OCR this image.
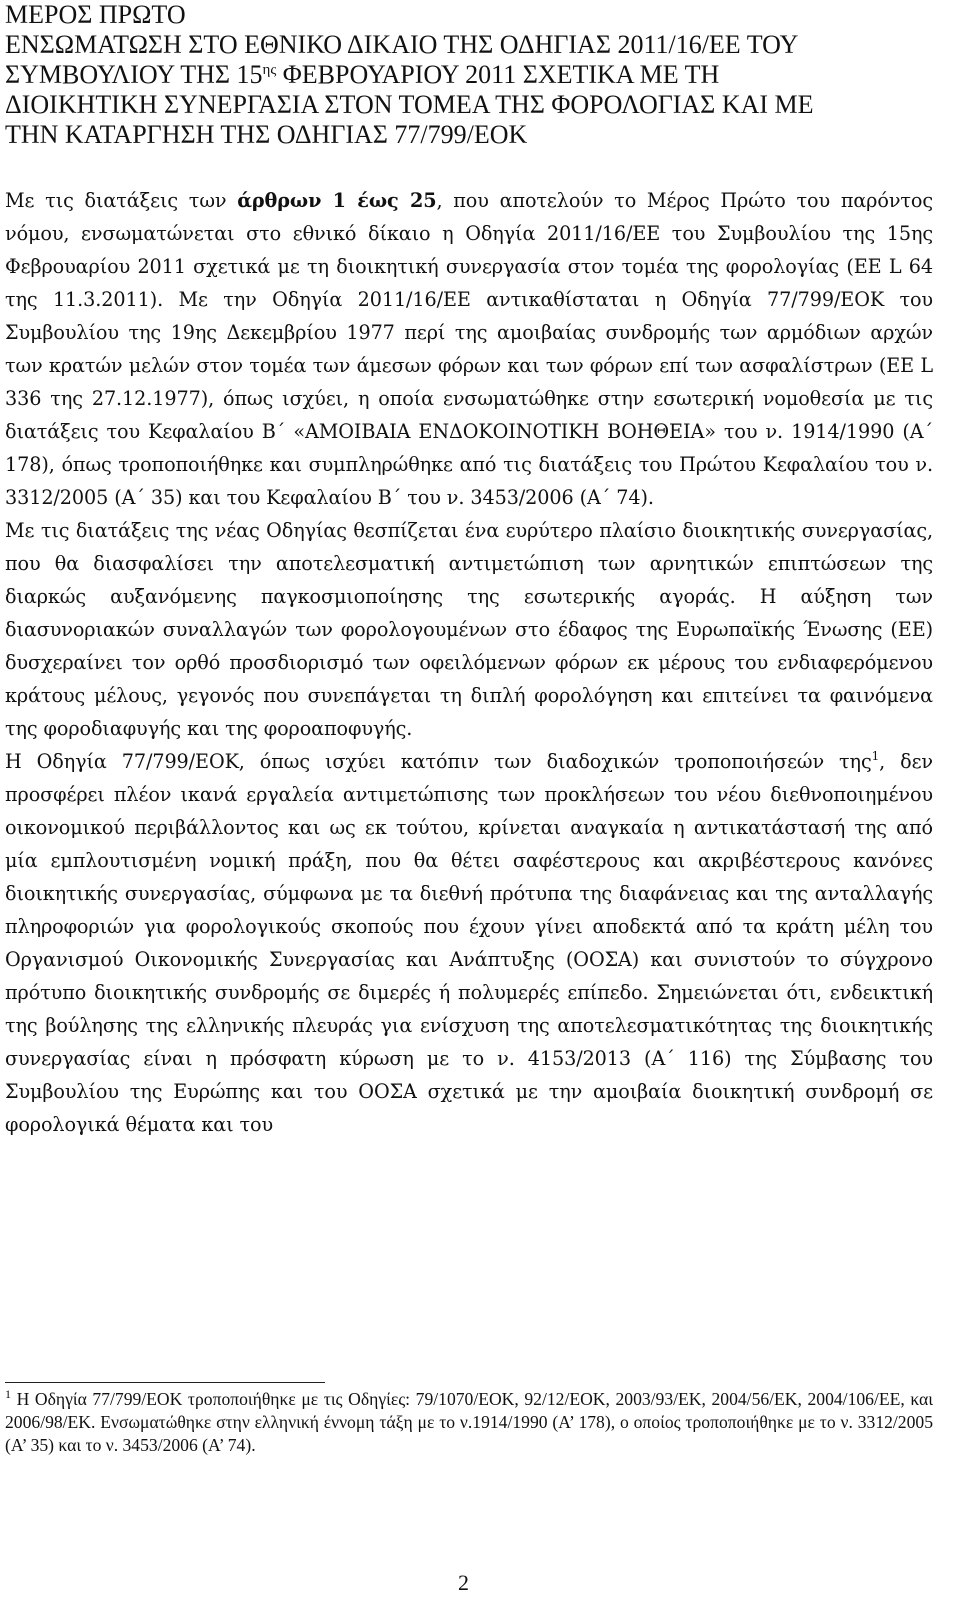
ΜΕΡΟΣ ΠΡΩΤΟ
ΕΝΣΩΜΑΤΩΣΗ ΣΤΟ ΕΘΝΙΚΟ ΔΙΚΑΙΟ ΤΗΣ ΟΔΗΓΙΑΣ 2011/16/ΕΕ ΤΟΥ
ΣΥΜΒΟΥΛΙΟΥ ΤΗΣ $15^{\eta\varsigma}$ ΦΕΒΡΟΥΑΡΙΟΥ 2011 ΣΧΕΤΙΚΑ ΜΕ ΤΗ
ΔΙΟΙΚΗΤΙΚΗ ΣΥΝΕΡΓΑΣΙΑ ΣΤΟΝ ΤΟΜΕΑ ΤΗΣ ΦΟΡΟΛΟΓΙΑΣ ΚΑΙ ΜΕ
ΤΗΝ ΚΑΤΑΡΓΗΣΗ ΤΗΣ ΟΔΗΓΙΑΣ 77/799/ΕΟΚ

Με τις διατάξεις των άρθρων 1 έως 25, που αποτελούν το Μέρος Πρώτο του παρόντος νόμου, ενσωματώνεται στο εθνικό δίκαιο η Οδηγία 2011/16/ΕΕ του Συμβουλίου της 15ης Φεβρουαρίου 2011 σχετικά με τη διοικητική συνεργασία στον τομέα της φορολογίας (ΕΕ L 64 της 11.3.2011). Με την Οδηγία 2011/16/ΕΕ αντικαθίσταται η Οδηγία 77/799/ΕΟΚ του Συμβουλίου της 19ης Δεκεμβρίου 1977 περί της αμοιβαίας συνδρομής των αρμόδιων αρχών των κρατών μελών στον τομέα των άμεσων φόρων και των φόρων επί των ασφαλίστρων (ΕΕ L 336 της 27.12.1977), όπως ισχύει, η οποία ενσωματώθηκε στην εσωτερική νομοθεσία με τις διατάξεις του Κεφαλαίου Β΄ «ΑΜΟΙΒΑΙΑ ΕΝΔΟΚΟΙΝΟΤΙΚΗ ΒΟΗΘΕΙΑ» του ν. 1914/1990 (Α΄ 178), όπως τροποποιήθηκε και συμπληρώθηκε από τις διατάξεις του Πρώτου Κεφαλαίου του ν. 3312/2005 (Α΄ 35) και του Κεφαλαίου Β΄ του ν. 3453/2006 (Α΄ 74).

Με τις διατάξεις της νέας Οδηγίας θεσπίζεται ένα ευρύτερο πλαίσιο διοικητικής συνεργασίας, που θα διασφαλίσει την αποτελεσματική αντιμετώπιση των αρνητικών επιπτώσεων της διαρκώς αυξανόμενης παγκοσμιοποίησης της εσωτερικής αγοράς. Η αύξηση των διασυνοριακών συναλλαγών των φορολογουμένων στο έδαφος της Ευρωπαϊκής Ένωσης (ΕΕ) δυσχεραίνει τον ορθό προσδιορισμό των οφειλόμενων φόρων εκ μέρους του ενδιαφερόμενου κράτους μέλους, γεγονός που συνεπάγεται τη διπλή φορολόγηση και επιτείνει τα φαινόμενα της φοροδιαφυγής και της φοροαποφυγής.

Η Οδηγία 77/799/ΕΟΚ, όπως ισχύει κατόπιν των διαδοχικών τροποποιήσεών της$^1$, δεν προσφέρει πλέον ικανά εργαλεία αντιμετώπισης των προκλήσεων του νέου διεθνοποιημένου οικονομικού περιβάλλοντος και ως εκ τούτου, κρίνεται αναγκαία η αντικατάστασή της από μία εμπλουτισμένη νομική πράξη, που θα θέτει σαφέστερους και ακριβέστερους κανόνες διοικητικής συνεργασίας, σύμφωνα με τα διεθνή πρότυπα της διαφάνειας και της ανταλλαγής πληροφοριών για φορολογικούς σκοπούς που έχουν γίνει αποδεκτά από τα κράτη μέλη του Οργανισμού Οικονομικής Συνεργασίας και Ανάπτυξης (ΟΟΣΑ) και συνιστούν το σύγχρονο πρότυπο διοικητικής συνδρομής σε διμερές ή πολυμερές επίπεδο. Σημειώνεται ότι, ενδεικτική της βούλησης της ελληνικής πλευράς για ενίσχυση της αποτελεσματικότητας της διοικητικής συνεργασίας είναι η πρόσφατη κύρωση με το ν. 4153/2013 (Α΄ 116) της Σύμβασης του Συμβουλίου της Ευρώπης και του ΟΟΣΑ σχετικά με την αμοιβαία διοικητική συνδρομή σε φορολογικά θέματα και του

$^1$ Η Οδηγία 77/799/ΕΟΚ τροποποιήθηκε με τις Οδηγίες: 79/1070/ΕΟΚ, 92/12/ΕΟΚ, 2003/93/ΕΚ, 2004/56/ΕΚ, 2004/106/ΕΕ, και 2006/98/ΕΚ. Ενσωματώθηκε στην ελληνική έννομη τάξη με το ν.1914/1990 (Α’ 178), ο οποίος τροποποιήθηκε με το ν. 3312/2005 (Α’ 35) και το ν. 3453/2006 (Α’ 74).

2
